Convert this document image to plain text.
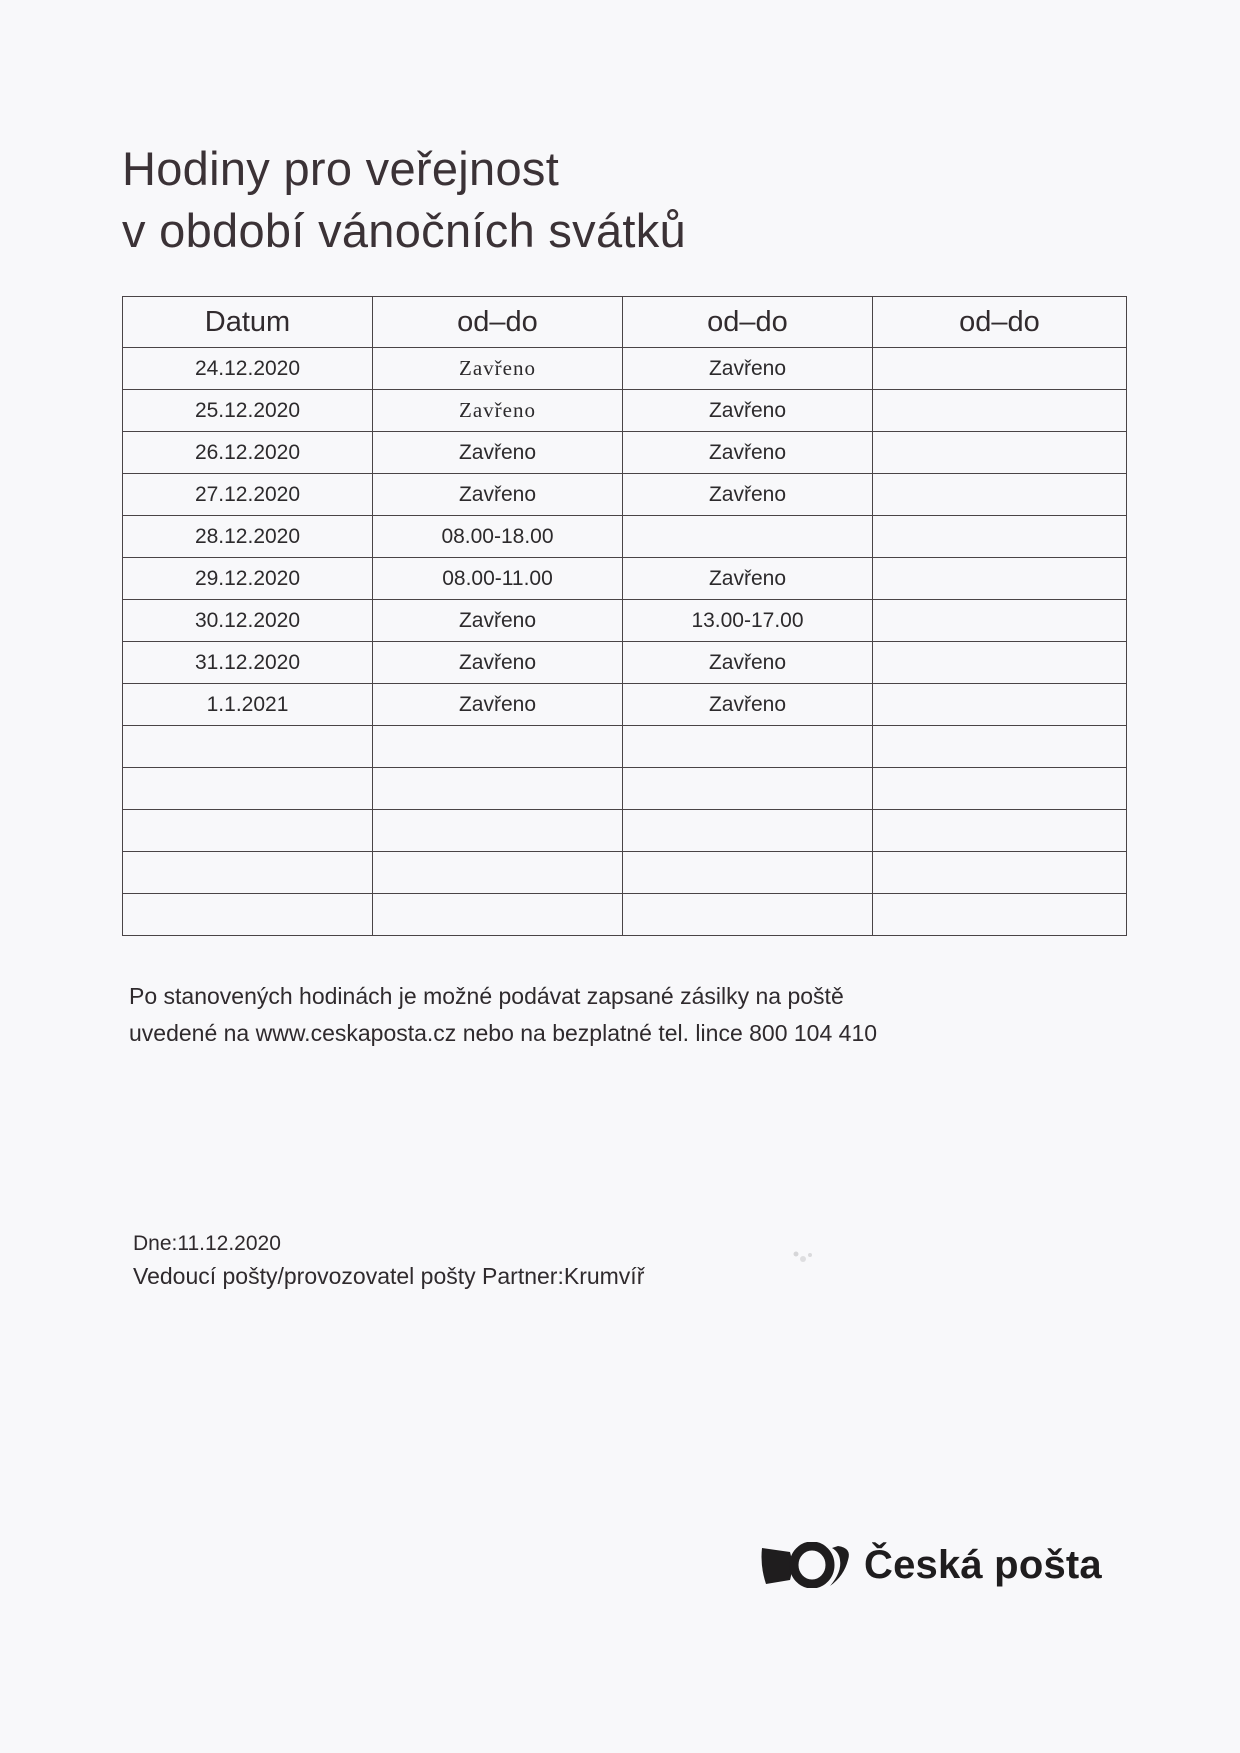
Hodiny pro veřejnost
v období vánočních svátků
Datum	od–do	od–do	od–do
24.12.2020	Zavřeno	Zavřeno	
25.12.2020	Zavřeno	Zavřeno	
26.12.2020	Zavřeno	Zavřeno	
27.12.2020	Zavřeno	Zavřeno	
28.12.2020	08.00-18.00		
29.12.2020	08.00-11.00	Zavřeno	
30.12.2020	Zavřeno	13.00-17.00	
31.12.2020	Zavřeno	Zavřeno	
1.1.2021	Zavřeno	Zavřeno	

Po stanovených hodinách je možné podávat zapsané zásilky na poště
uvedené na www.ceskaposta.cz nebo na bezplatné tel. lince 800 104 410

Dne:11.12.2020

Vedoucí pošty/provozovatel pošty Partner:Krumvíř

Česká pošta
